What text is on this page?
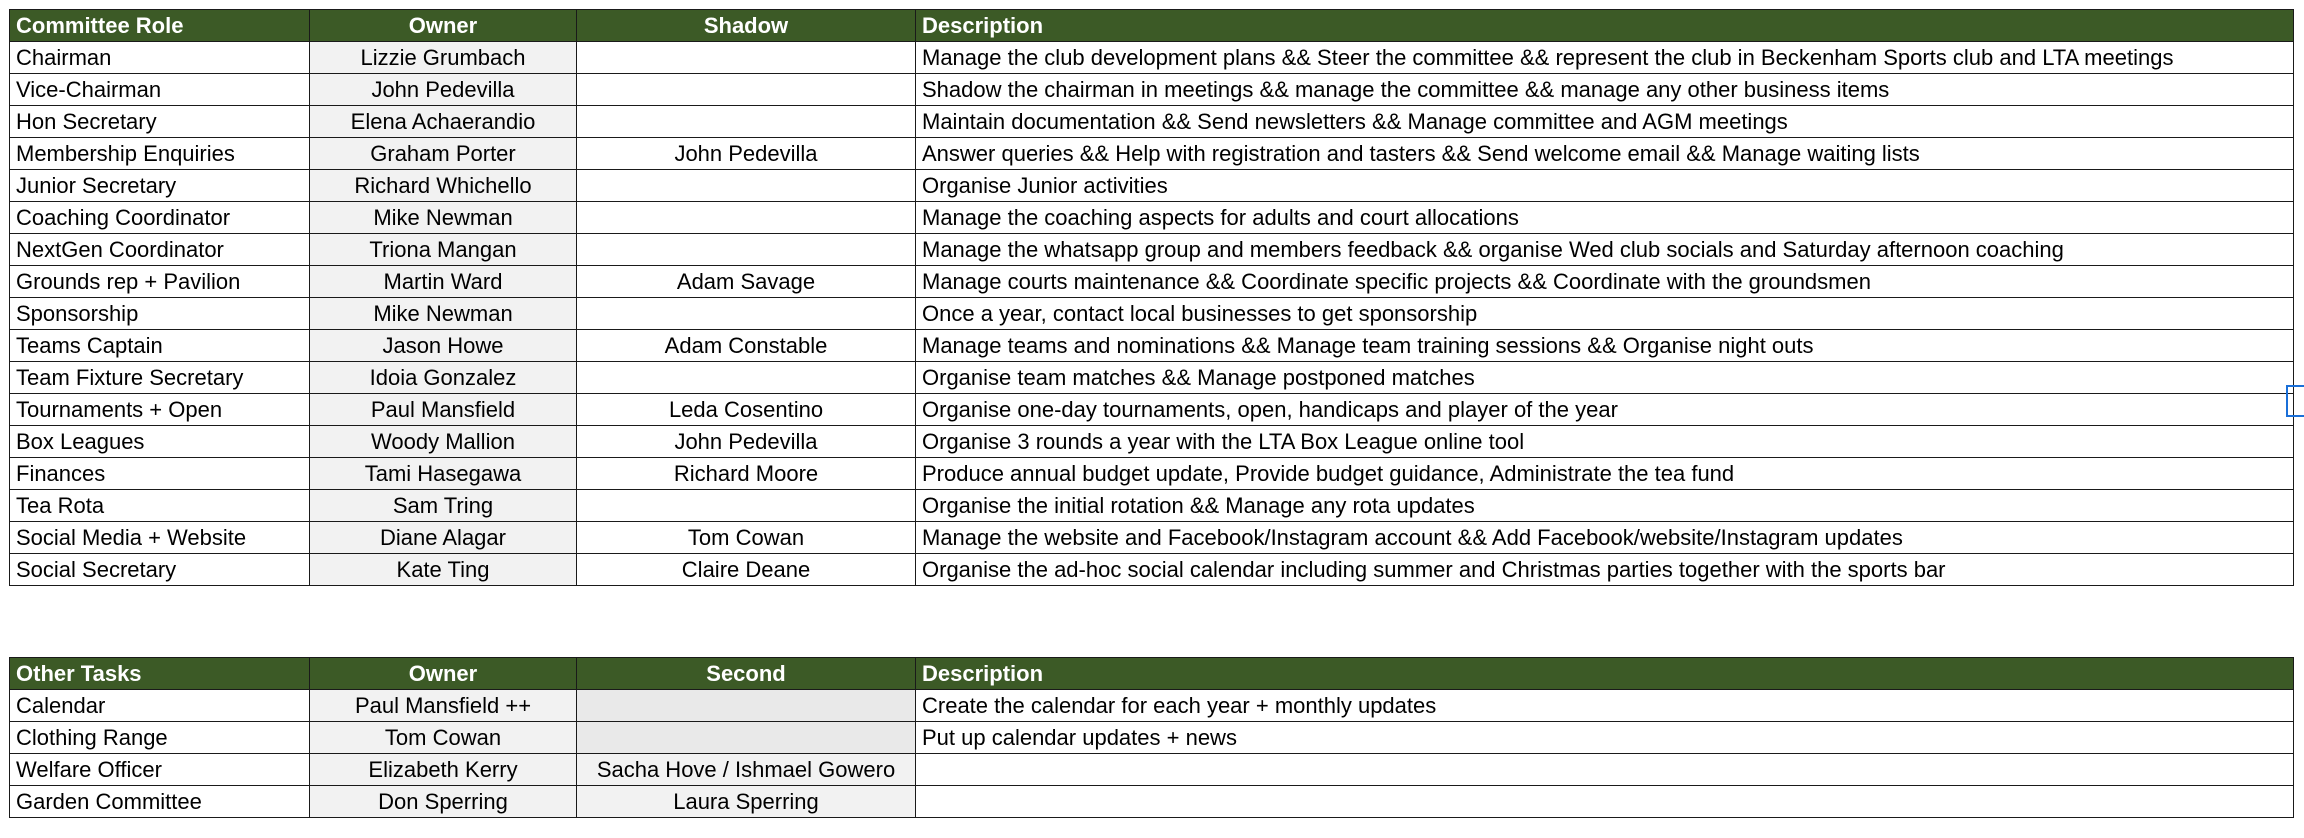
Committee Role	Owner	Shadow	Description
Chairman	Lizzie Grumbach		Manage the club development plans && Steer the committee && represent the club in Beckenham Sports club and LTA meetings
Vice-Chairman	John Pedevilla		Shadow the chairman in meetings && manage the committee && manage any other business items
Hon Secretary	Elena Achaerandio		Maintain documentation && Send newsletters && Manage committee and AGM meetings
Membership Enquiries	Graham Porter	John Pedevilla	Answer queries && Help with registration and tasters && Send welcome email && Manage waiting lists
Junior Secretary	Richard Whichello		Organise Junior activities
Coaching Coordinator	Mike Newman		Manage the coaching aspects for adults and court allocations
NextGen Coordinator	Triona Mangan		Manage the whatsapp group and members feedback && organise Wed club socials and Saturday afternoon coaching
Grounds rep + Pavilion	Martin Ward	Adam Savage	Manage courts maintenance && Coordinate specific projects && Coordinate with the groundsmen
Sponsorship	Mike Newman		Once a year, contact local businesses to get sponsorship
Teams Captain	Jason Howe	Adam Constable	Manage teams and nominations && Manage team training sessions && Organise night outs
Team Fixture Secretary	Idoia Gonzalez		Organise team matches && Manage postponed matches
Tournaments + Open	Paul Mansfield	Leda Cosentino	Organise one-day tournaments, open, handicaps and player of the year
Box Leagues	Woody Mallion	John Pedevilla	Organise 3 rounds a year with the LTA Box League online tool
Finances	Tami Hasegawa	Richard Moore	Produce annual budget update, Provide budget guidance, Administrate the tea fund
Tea Rota	Sam Tring		Organise the initial rotation && Manage any rota updates
Social Media + Website	Diane Alagar	Tom Cowan	Manage the website and Facebook/Instagram account && Add Facebook/website/Instagram updates
Social Secretary	Kate Ting	Claire Deane	Organise the ad-hoc social calendar including summer and Christmas parties together with the sports bar
Other Tasks	Owner	Second	Description
Calendar	Paul Mansfield ++		Create the calendar for each year + monthly updates
Clothing Range	Tom Cowan		Put up calendar updates + news
Welfare Officer	Elizabeth Kerry	Sacha Hove / Ishmael Gowero	
Garden Committee	Don Sperring	Laura Sperring	
